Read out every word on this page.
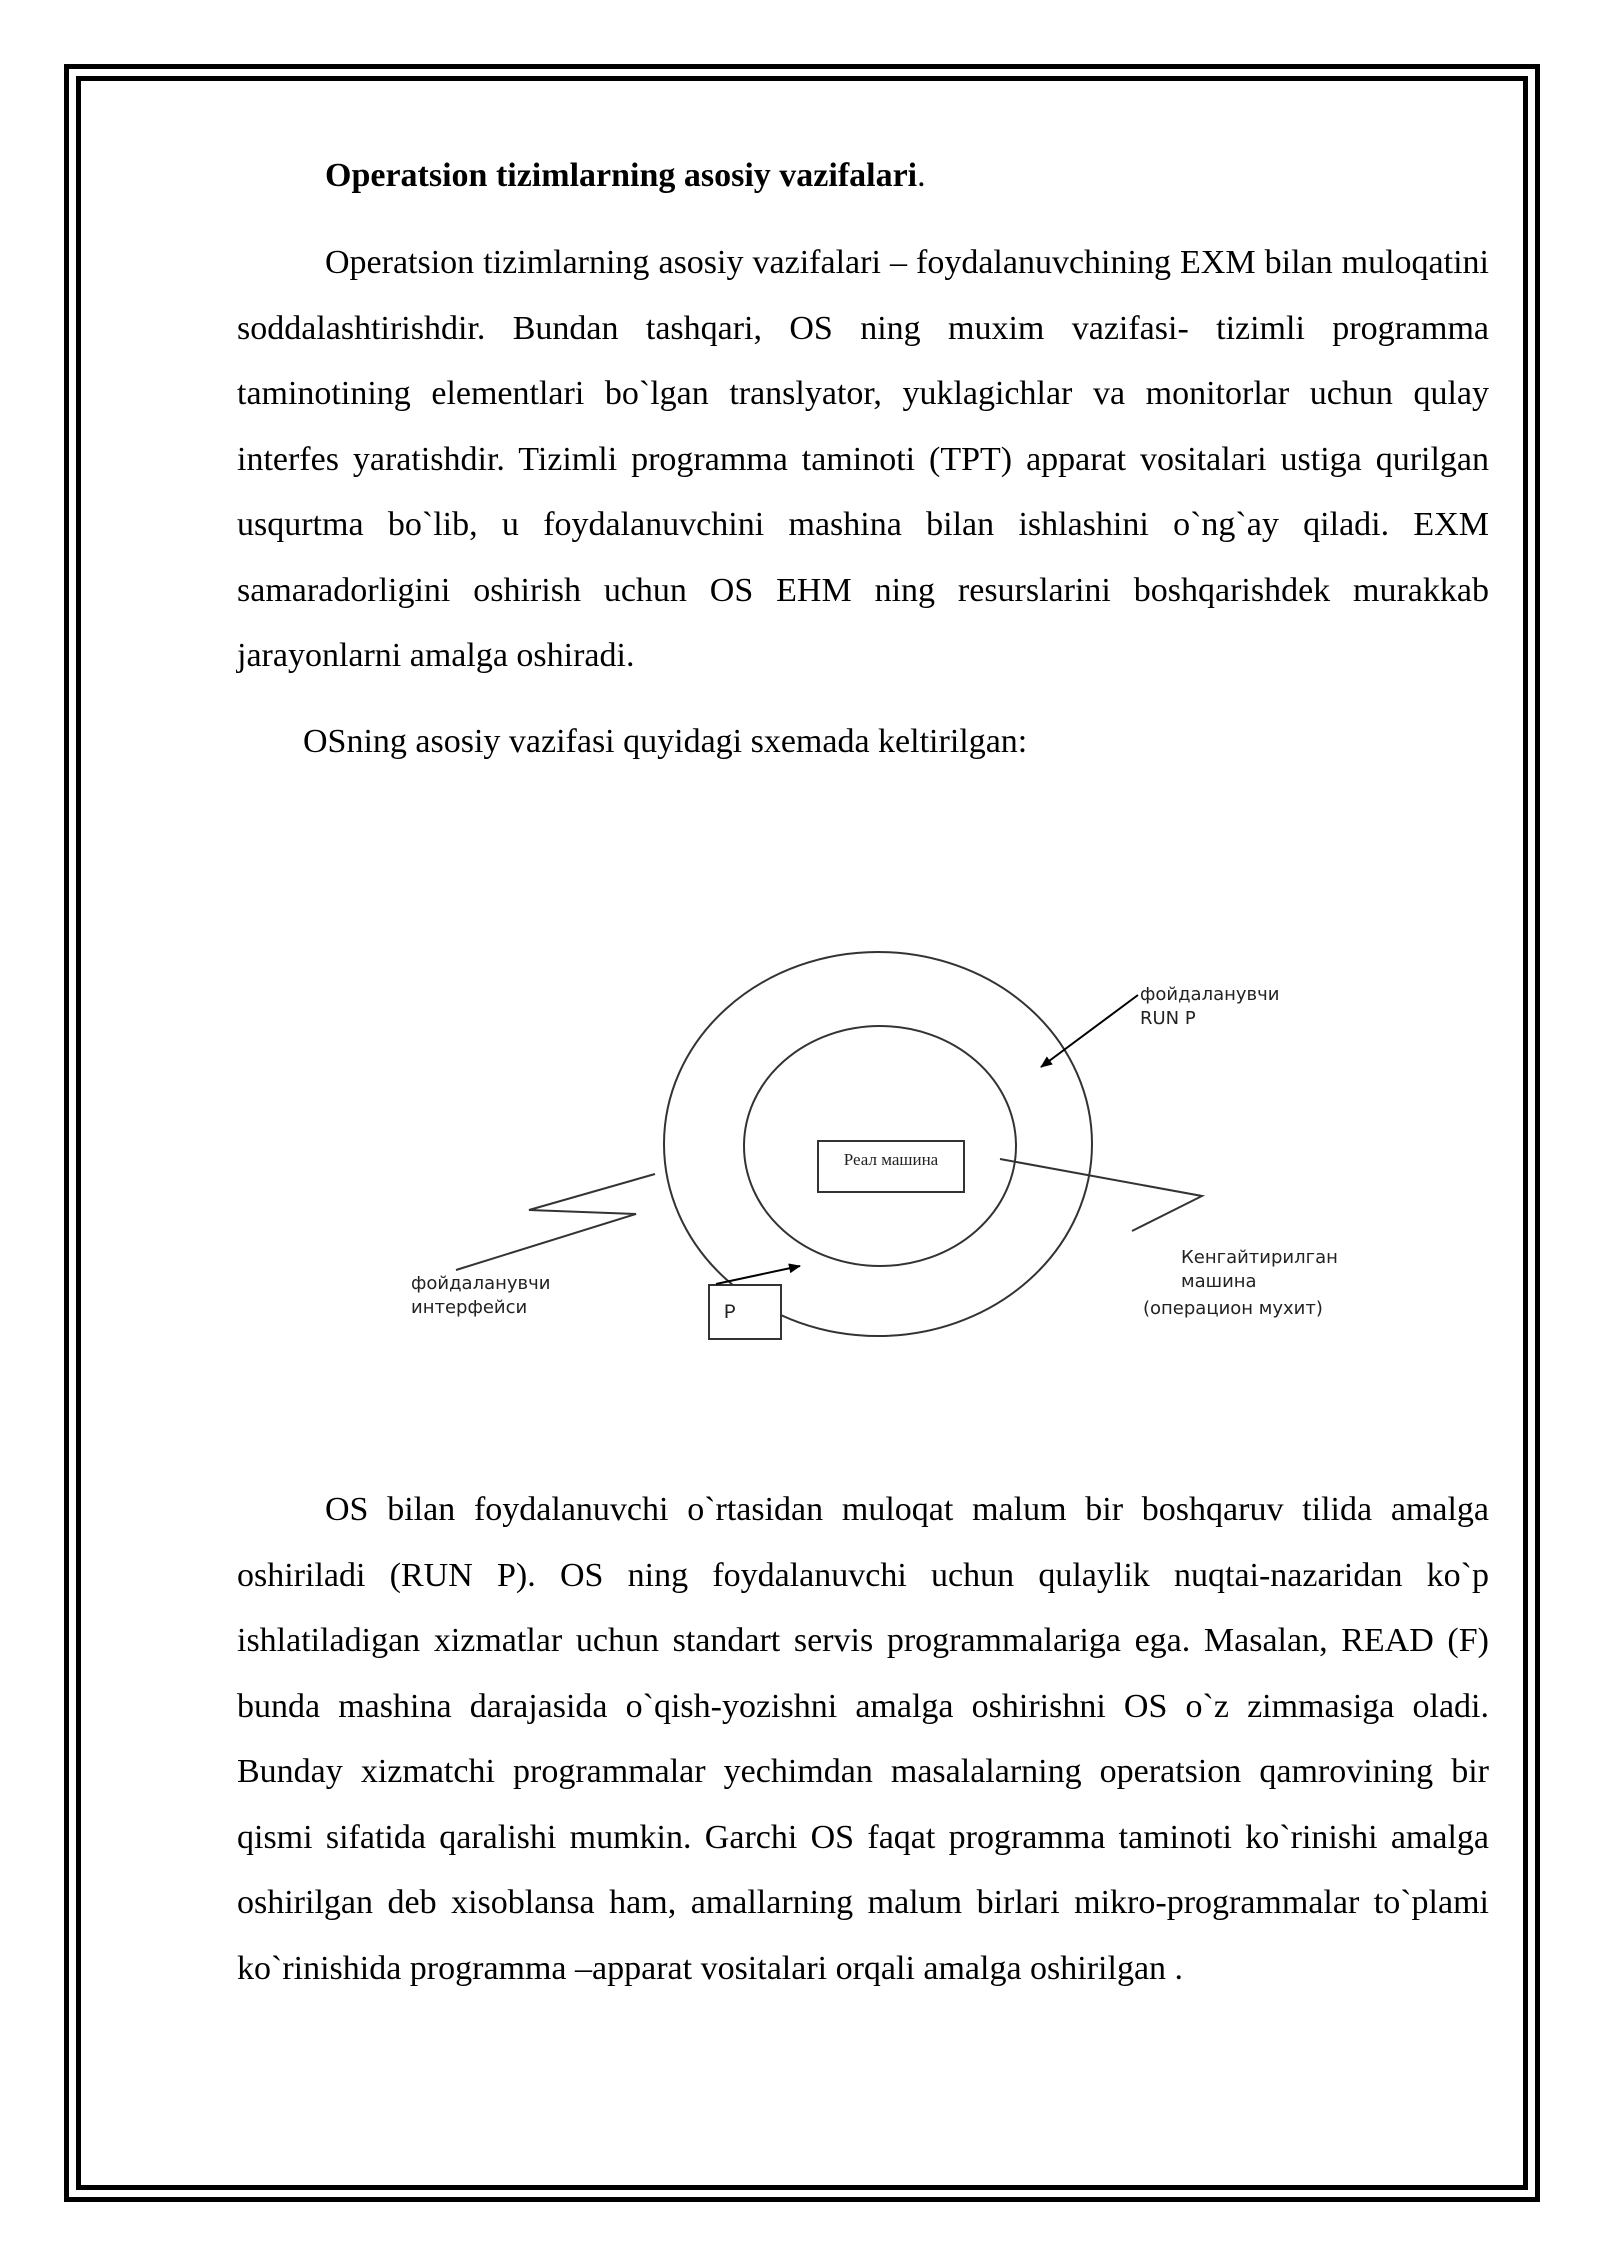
Operatsion tizimlarning asosiy vazifalari.

Operatsion tizimlarning asosiy vazifalari – foydalanuvchining EXM bilan muloqatini soddalashtirishdir. Bundan tashqari, OS ning muxim vazifasi- tizimli programma taminotining elementlari bo`lgan translyator, yuklagichlar va monitorlar uchun qulay interfes yaratishdir. Tizimli programma taminoti (TPT) apparat vositalari ustiga qurilgan usqurtma bo`lib, u foydalanuvchini mashina bilan ishlashini o`ng`ay qiladi. EXM samaradorligini oshirish uchun OS EHM ning resurslarini boshqarishdek murakkab jarayonlarni amalga oshiradi.

OSning asosiy vazifasi quyidagi sxemada keltirilgan:

Реал машина
P
фойдаланувчи
RUN P
Кенгайтирилган
машина
(операцион мухит)
фойдаланувчи
интерфейси

OS bilan foydalanuvchi o`rtasidan muloqat malum bir boshqaruv tilida amalga oshiriladi (RUN P). OS ning foydalanuvchi uchun qulaylik nuqtai-nazaridan ko`p ishlatiladigan xizmatlar uchun standart servis programmalariga ega. Masalan, READ (F) bunda mashina darajasida o`qish-yozishni amalga oshirishni OS o`z zimmasiga oladi. Bunday xizmatchi programmalar yechimdan masalalarning operatsion qamrovining bir qismi sifatida qaralishi mumkin. Garchi OS faqat programma taminoti ko`rinishi amalga oshirilgan deb xisoblansa ham, amallarning malum birlari mikro-programmalar to`plami ko`rinishida programma –apparat vositalari orqali amalga oshirilgan .
